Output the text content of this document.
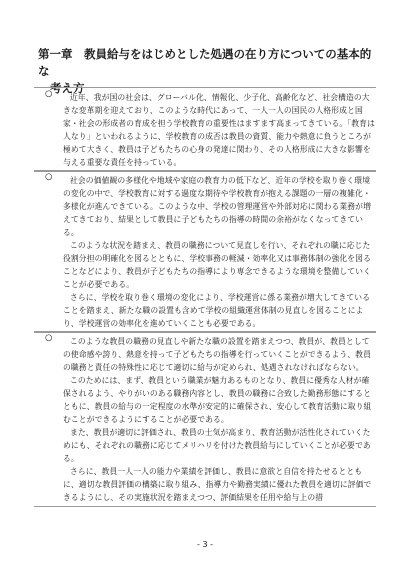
第一章　教員給与をはじめとした処遇の在り方についての基本的な
考え方
○	近年、我が国の社会は、グローバル化、情報化、少子化、高齢化など、社会構造の大きな変革期を迎えており、このような時代にあって、一人一人の国民の人格形成と国家・社会の形成者の育成を担う学校教育の重要性はますます高まってきている。「教育は人なり」といわれるように、学校教育の成否は教員の資質、能力や熱意に負うところが極めて大きく、教員は子どもたちの心身の発達に関わり、その人格形成に大きな影響を与える重要な責任を持っている。

○	社会の価値観の多様化や地域や家庭の教育力の低下など、近年の学校を取り巻く環境の変化の中で、学校教育に対する過度な期待や学校教育が抱える課題の一層の複雑化・多様化が進んできている。このような中、学校の管理運営や外部対応に関わる業務が増えてきており、結果として教員に子どもたちの指導の時間の余裕がなくなってきている。

このような状況を踏まえ、教員の職務について見直しを行い、それぞれの職に応じた役割分担の明確化を図るとともに、学校事務の軽減・効率化又は事務体制の強化を図ることなどにより、教員が子どもたちの指導により専念できるような環境を整備していくことが必要である。

さらに、学校を取り巻く環境の変化により、学校運営に係る業務が増大してきていることを踏まえ、新たな職の設置も含めて学校の組織運営体制の見直しを図ることにより、学校運営の効率化を進めていくことも必要である。

○	このような教員の職務の見直しや新たな職の設置を踏まえつつ、教員が、教員としての使命感や誇り、熱意を持って子どもたちの指導を行っていくことができるよう、教員の職務と責任の特殊性に応じて適切に給与が定められ、処遇されなければならない。

このためには、まず、教員という職業が魅力あるものとなり、教員に優秀な人材が確保されるよう、やりがいのある職務内容とし、教員の職務に合致した勤務形態にするとともに、教員の給与の一定程度の水準が安定的に確保され、安心して教育活動に取り組むことができるようにすることが必要である。

また、教員が適切に評価され、教員の士気が高まり、教育活動が活性化されていくためにも、それぞれの職務に応じてメリハリを付けた教員給与にしていくことが必要である。

さらに、教員一人一人の能力や業績を評価し、教員に意欲と自信を持たせるとともに、適切な教員評価の構築に取り組み、指導力や勤務実績に優れた教員を適切に評価できるようにし、その実施状況を踏まえつつ、評価結果を任用や給与上の措

- 3 -
